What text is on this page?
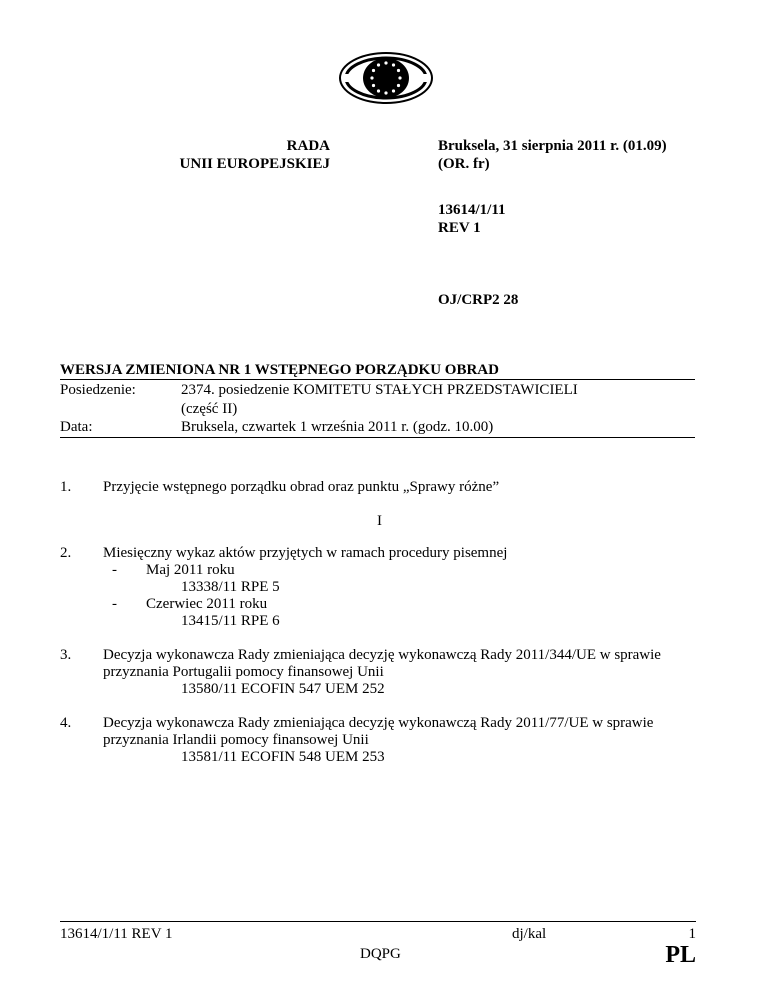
RADA
UNII EUROPEJSKIEJ
Bruksela, 31 sierpnia 2011 r. (01.09)
(OR. fr)
13614/1/11
REV 1
OJ/CRP2 28
WERSJA ZMIENIONA NR 1 WSTĘPNEGO PORZĄDKU OBRAD
Posiedzenie:	2374. posiedzenie KOMITETU STAŁYCH PRZEDSTAWICIELI
(część II)
Data:	Bruksela, czwartek 1 września 2011 r. (godz. 10.00)
1. Przyjęcie wstępnego porządku obrad oraz punktu „Sprawy różne”
I
2. Miesięczny wykaz aktów przyjętych w ramach procedury pisemnej
- Maj 2011 roku
13338/11 RPE 5
- Czerwiec 2011 roku
13415/11 RPE 6
3. Decyzja wykonawcza Rady zmieniająca decyzję wykonawczą Rady 2011/344/UE w sprawie
przyznania Portugalii pomocy finansowej Unii
13580/11 ECOFIN 547 UEM 252
4. Decyzja wykonawcza Rady zmieniająca decyzję wykonawczą Rady 2011/77/UE w sprawie
przyznania Irlandii pomocy finansowej Unii
13581/11 ECOFIN 548 UEM 253
13614/1/11 REV 1	dj/kal	1
DQPG	PL
